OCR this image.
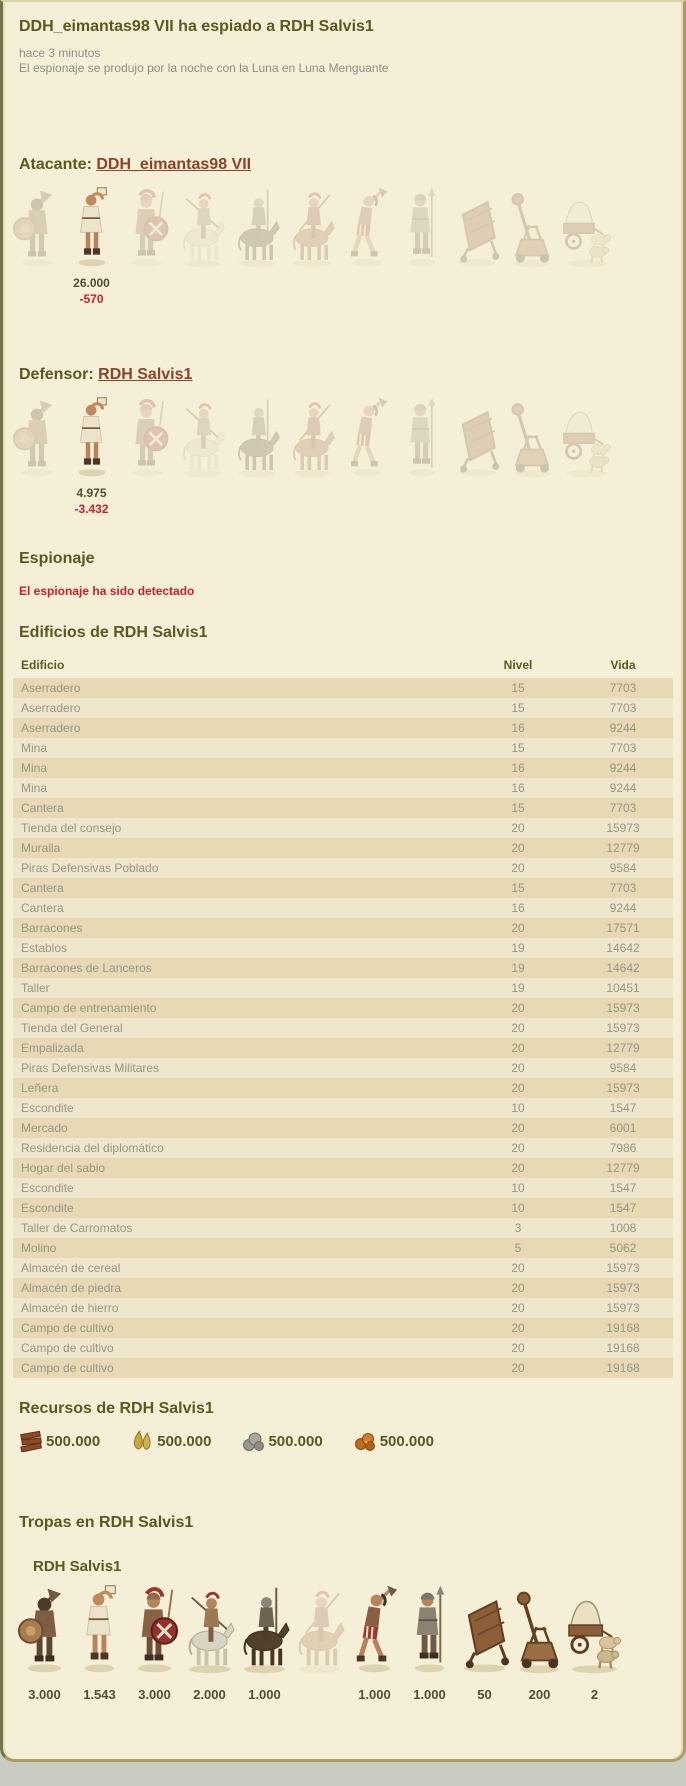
DDH_eimantas98 VII ha espiado a RDH Salvis1
hace 3 minutos
El espionaje se produjo por la noche con la Luna en Luna Menguante
Atacante: DDH_eimantas98 VII
26.000
-570
Defensor: RDH Salvis1
4.975
-3.432
Espionaje
El espionaje ha sido detectado
Edificios de RDH Salvis1
Edificio	Nivel	Vida
Aserradero	15	7703
Aserradero	15	7703
Aserradero	16	9244
Mina	15	7703
Mina	16	9244
Mina	16	9244
Cantera	15	7703
Tienda del consejo	20	15973
Muralla	20	12779
Piras Defensivas Poblado	20	9584
Cantera	15	7703
Cantera	16	9244
Barracones	20	17571
Establos	19	14642
Barracones de Lanceros	19	14642
Taller	19	10451
Campo de entrenamiento	20	15973
Tienda del General	20	15973
Empalizada	20	12779
Piras Defensivas Militares	20	9584
Leñera	20	15973
Escondite	10	1547
Mercado	20	6001
Residencia del diplomático	20	7986
Hogar del sabio	20	12779
Escondite	10	1547
Escondite	10	1547
Taller de Carromatos	3	1008
Molino	5	5062
Almacén de cereal	20	15973
Almacén de piedra	20	15973
Almacén de hierro	20	15973
Campo de cultivo	20	19168
Campo de cultivo	20	19168
Campo de cultivo	20	19168
Recursos de RDH Salvis1
500.000	500.000	500.000	500.000
Tropas en RDH Salvis1
RDH Salvis1
3.000 1.543 3.000 2.000 1.000	1.000 1.000 50	200	2
